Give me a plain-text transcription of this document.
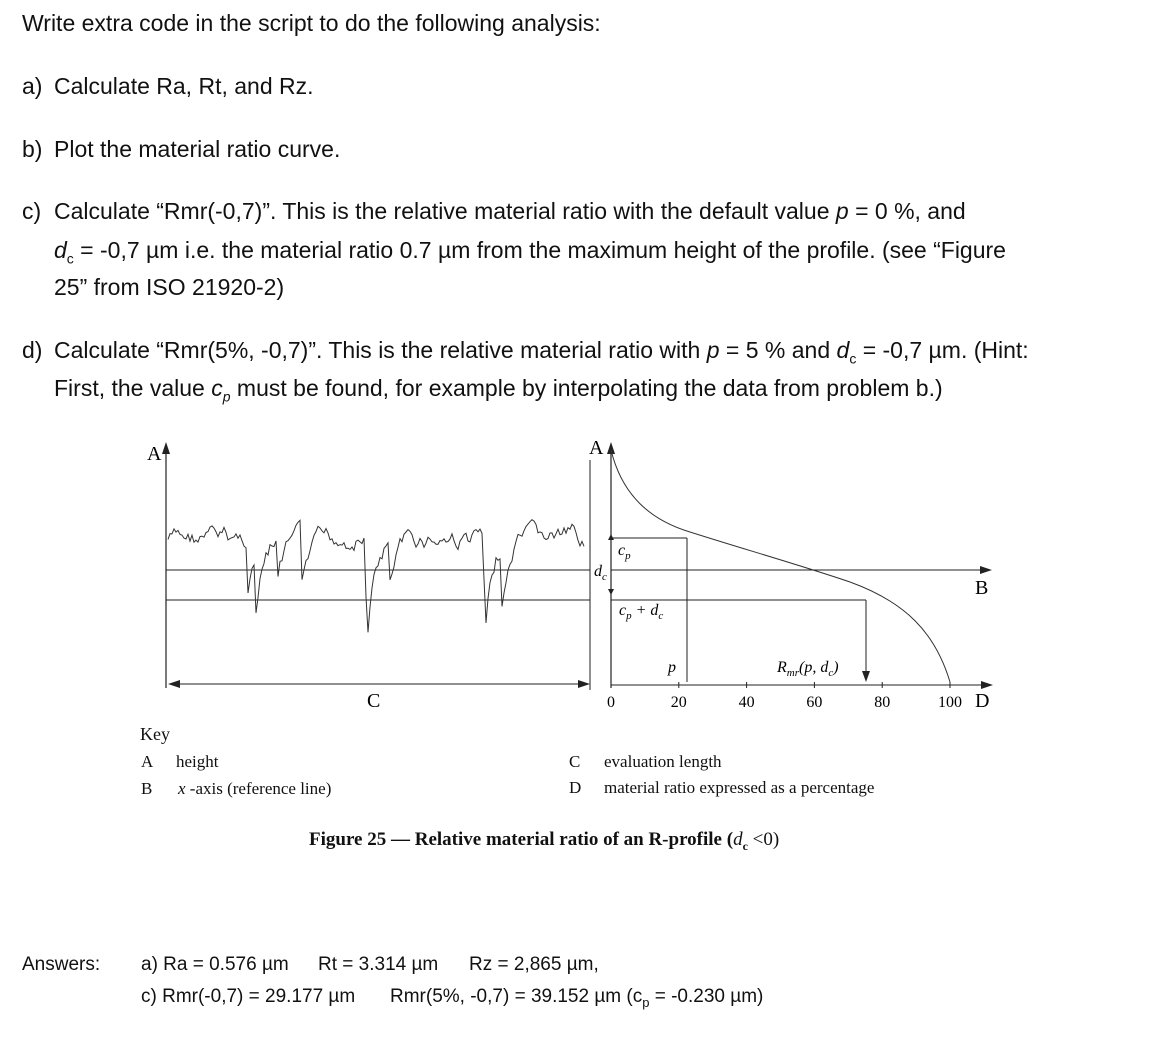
Write extra code in the script to do the following analysis:
a) Calculate Ra, Rt, and Rz.
b) Plot the material ratio curve.
c) Calculate “Rmr(-0,7)”. This is the relative material ratio with the default value p = 0 %, and
$d_c = -0,7$ µm i.e. the material ratio 0.7 µm from the maximum height of the profile. (see “Figure
25” from ISO 21920-2)
d) Calculate “Rmr(5%, -0,7)”. This is the relative material ratio with p = 5 % and $d_c = -0,7$ µm. (Hint:
First, the value $c_p$ must be found, for example by interpolating the data from problem b.)
A
C
A
B
$c_p$
$d_c$
$c_p + d_c$
p	$R_{mr}(p$, $d_c$)
0	20	40	60	80	100 D
Key
A height
B x -axis (reference line)
C evaluation length
D material ratio expressed as a percentage
Figure 25 — Relative material ratio of an R-profile $(d_c <0)$
Answers: a) Ra = 0.576 µm Rt = 3.314 µm Rz = 2,865 µm,
c) Rmr(-0,7) = 29.177 µm Rmr(5%, -0,7) = 39.152 µm ($c_p = -0.230$ µm)
